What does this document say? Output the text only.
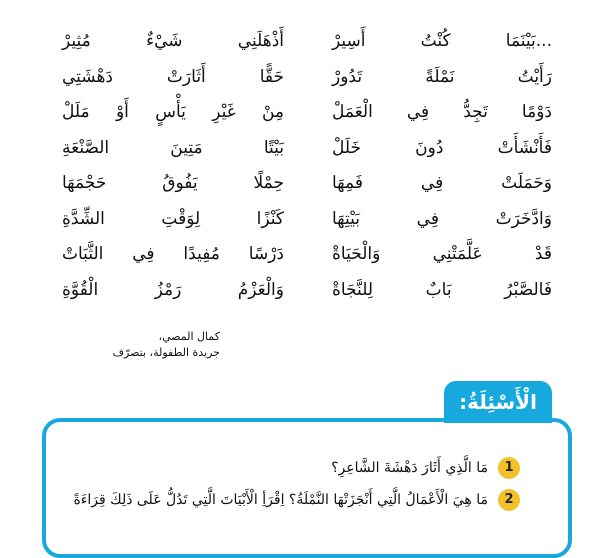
...بَيْنَمَا كُنْتُ أَسِيرْ
أَذْهَلَنِي شَيْءٌ مُثِيرْ
رَأَيْتُ نَمْلَةً تَدُورْ
حَقًّا أَثَارَتْ دَهْشَتِي
دَوْمًا تَجِدُّ فِي الْعَمَلْ
مِنْ غَيْرِ يَأْسٍ أَوْ مَلَلْ
فَأَنْشَأَتْ دُونَ خَلَلْ
بَيْتًا مَتِينَ الصَّنْعَةِ
وَحَمَلَتْ فِي فَمِهَا
حِمْلًا يَفُوقُ حَجْمَهَا
وَادَّخَرَتْ فِي بَيْتِهَا
كَنْزًا لِوَقْتِ الشِّدَّةِ
قَدْ عَلَّمَتْنِي وَالْحَيَاةْ
دَرْسًا مُفِيدًا فِي الثَّبَاتْ
فَالصَّبْرُ بَابٌ لِلنَّجَاةْ
وَالْعَزْمُ رَمْزُ الْقُوَّةِ
كمال المصي،
جريدة الطفولة، بتصرّف
1
مَا الَّذِي أَثَارَ دَهْشَةَ الشَّاعِرِ؟
2
مَا هِيَ الْأَعْمَالُ الَّتِي أَنْجَزَتْهَا النَّمْلَةُ؟ اِقْرَأِ الْأَبْيَاتَ الَّتِي تَدُلُّ عَلَى ذَلِكَ قِرَاءَةً
الْأَسْئِلَةُ:
